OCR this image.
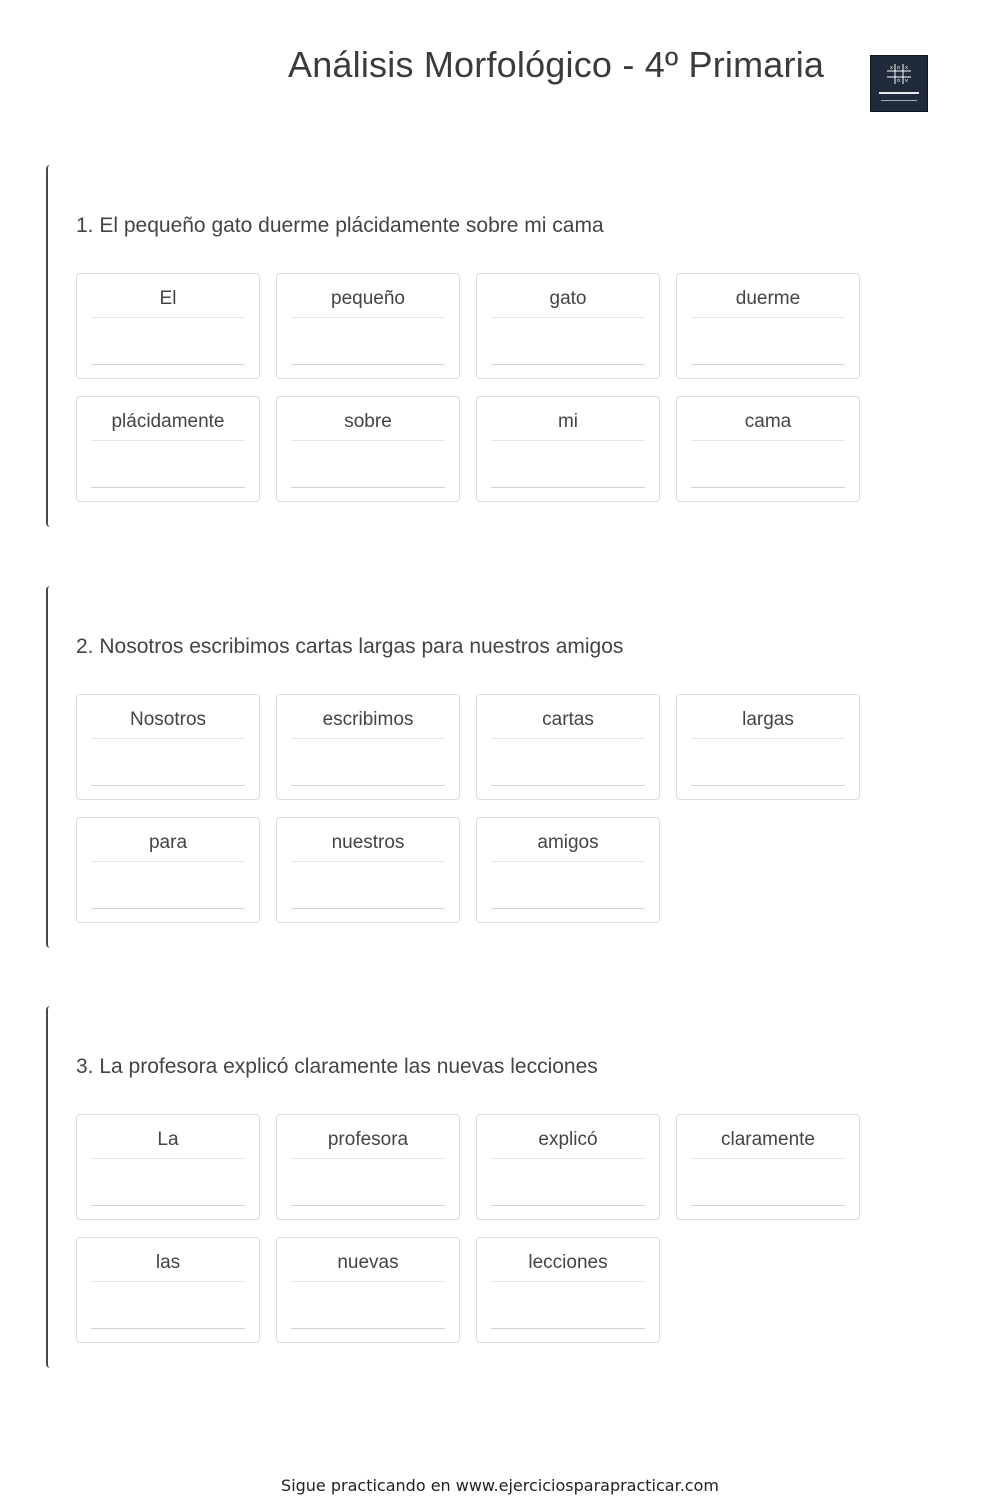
Análisis Morfológico - 4º Primaria	x o x
o v
1. El pequeño gato duerme plácidamente sobre mi cama
El	pequeño	gato	duerme
plácidamente	sobre	mi	cama
2. Nosotros escribimos cartas largas para nuestros amigos
Nosotros	escribimos	cartas	largas
para	nuestros	amigos
3. La profesora explicó claramente las nuevas lecciones
La	profesora	explicó	claramente
las	nuevas	lecciones
Sigue practicando en www.ejerciciosparapracticar.com
